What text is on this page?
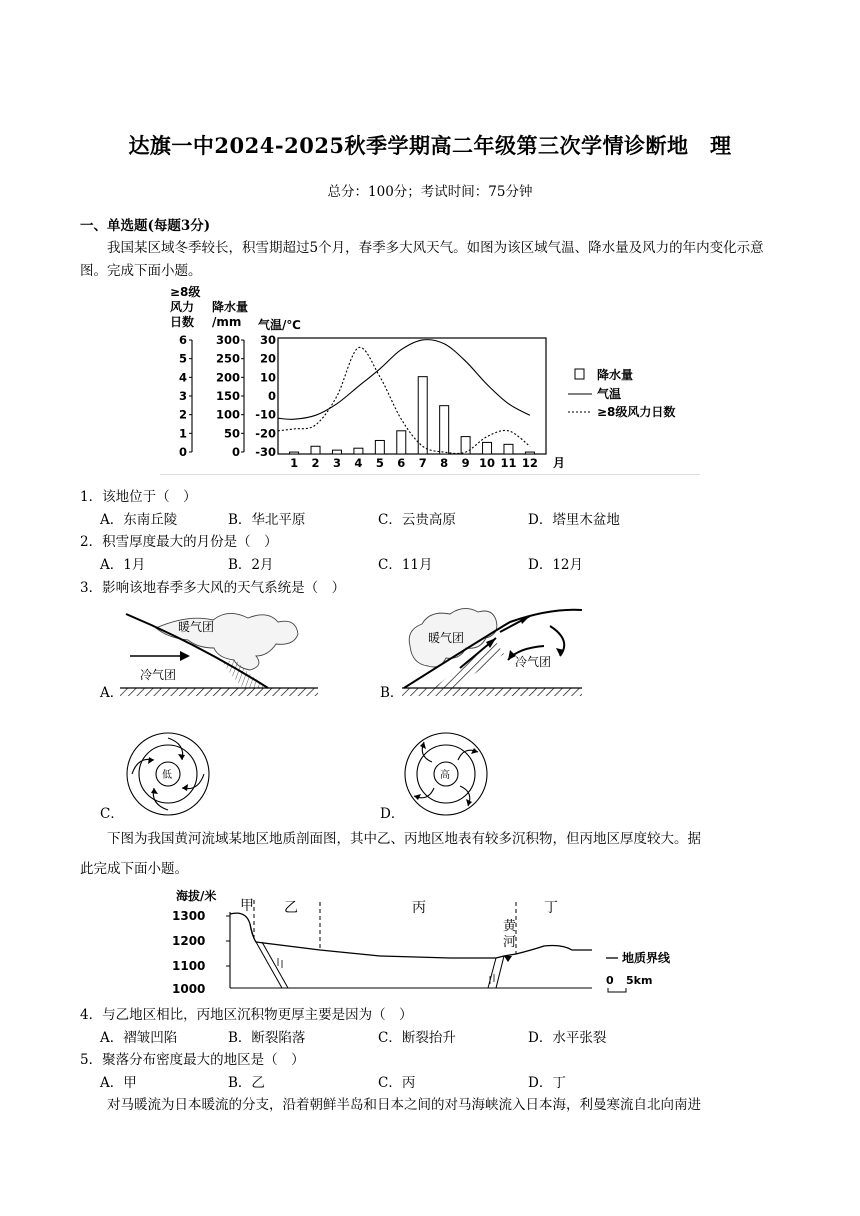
达旗一中2024-2025秋季学期高二年级第三次学情诊断地　理
总分：100分；考试时间：75分钟
一、单选题(每题3分)
我国某区域冬季较长，积雪期超过5个月，春季多大风天气。如图为该区域气温、降水量及风力的年内变化示意图。完成下面小题。
≥8级
风力
日数
降水量
/mm 气温/℃
6
5
4
3
2
1
0
300
250
200
150
100
50
0
30
20
10
0
-10
-20
-30
1 2 3 4 5 6 7 8 9 10 11 12 月
降水量
气温
≥8级风力日数
1．该地位于（　）
A．东南丘陵	B．华北平原	C．云贵高原	D．塔里木盆地
2．积雪厚度最大的月份是（　）
A．1月	B．2月	C．11月	D．12月
3．影响该地春季多大风的天气系统是（　）
暖气团
冷气团
A．
暖气团
冷气团
B．
低
C．
高
D．
下图为我国黄河流域某地区地质剖面图，其中乙、丙地区地表有较多沉积物，但丙地区厚度较大。据
此完成下面小题。
海拔/米
1300
1200
1100
1000
甲 乙	丙	丁
黄
河
地质界线
0 5km
4．与乙地区相比，丙地区沉积物更厚主要是因为（　）
A．褶皱凹陷	B．断裂陷落	C．断裂抬升	D．水平张裂
5．聚落分布密度最大的地区是（　）
A．甲	B．乙	C．丙	D．丁
对马暖流为日本暖流的分支，沿着朝鲜半岛和日本之间的对马海峡流入日本海，利曼寒流自北向南进
